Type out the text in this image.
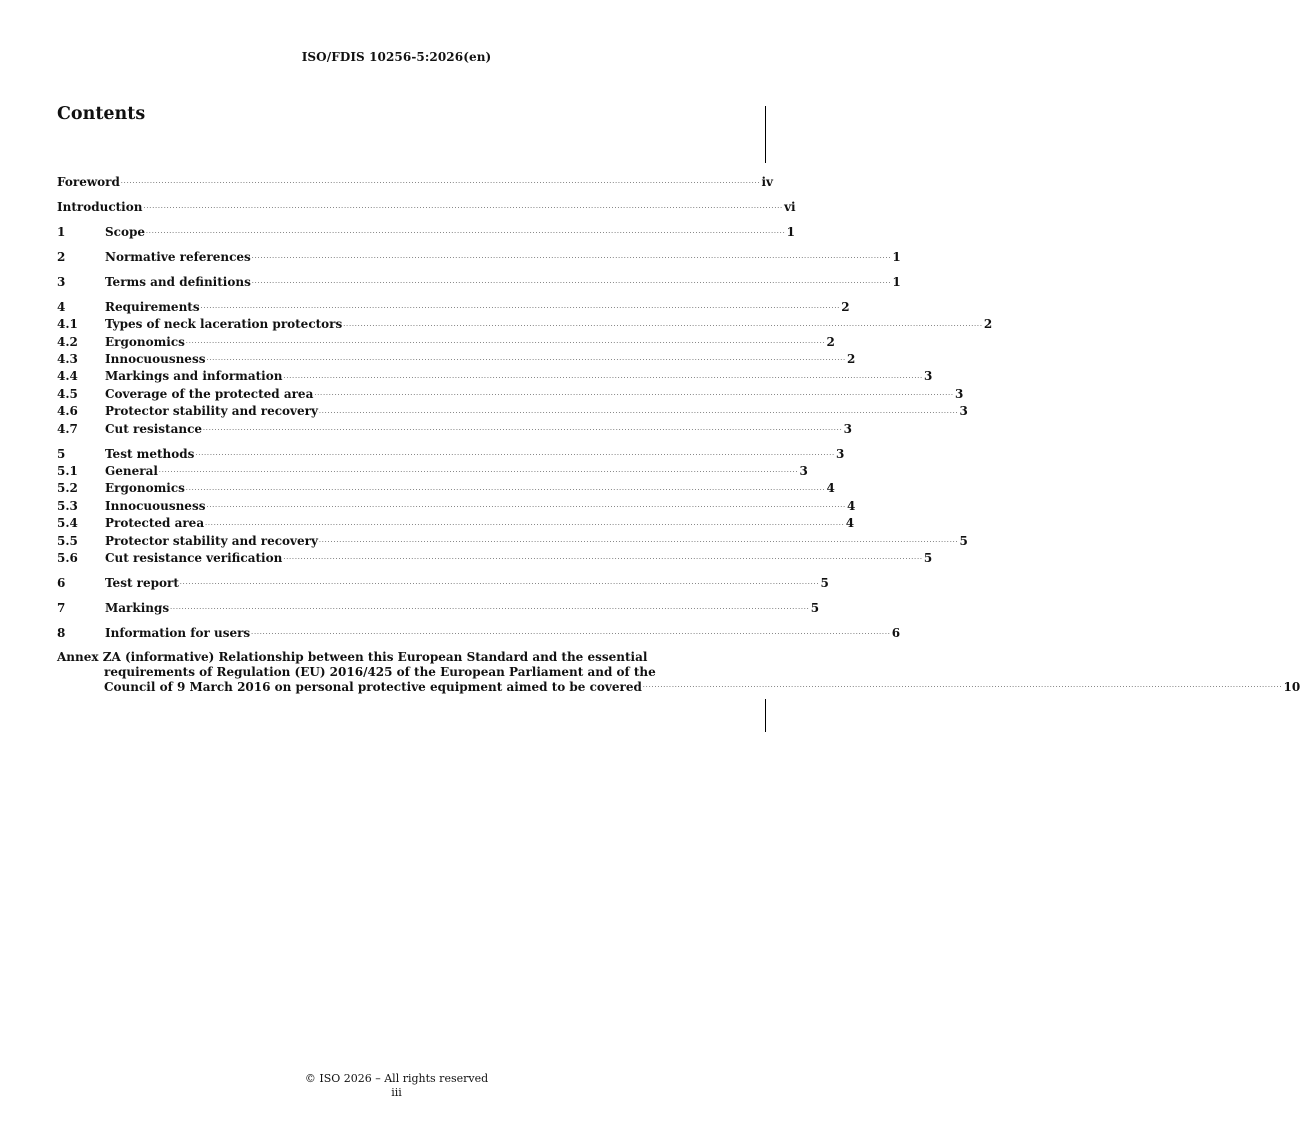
ISO/FDIS 10256-5:2026(en)
Contents
Foreword ............................................................................................................................................................................................................................ iv
Introduction ............................................................................................................................................................................................................................ vi
1	Scope ............................................................................................................................................................................................................................ 1
2	Normative references ............................................................................................................................................................................................................................ 1
3	Terms and definitions ............................................................................................................................................................................................................................ 1
4	Requirements ............................................................................................................................................................................................................................ 2
4.1	Types of neck laceration protectors ............................................................................................................................................................................................................................ 2
4.2	Ergonomics ............................................................................................................................................................................................................................ 2
4.3	Innocuousness ............................................................................................................................................................................................................................ 2
4.4	Markings and information ............................................................................................................................................................................................................................ 3
4.5	Coverage of the protected area ............................................................................................................................................................................................................................ 3
4.6	Protector stability and recovery ............................................................................................................................................................................................................................ 3
4.7	Cut resistance ............................................................................................................................................................................................................................ 3
5	Test methods ............................................................................................................................................................................................................................ 3
5.1	General ............................................................................................................................................................................................................................ 3
5.2	Ergonomics ............................................................................................................................................................................................................................ 4
5.3	Innocuousness ............................................................................................................................................................................................................................ 4
5.4	Protected area ............................................................................................................................................................................................................................ 4
5.5	Protector stability and recovery ............................................................................................................................................................................................................................ 5
5.6	Cut resistance verification ............................................................................................................................................................................................................................ 5
6	Test report ............................................................................................................................................................................................................................ 5
7	Markings ............................................................................................................................................................................................................................ 5
8	Information for users ............................................................................................................................................................................................................................ 6
Annex ZA (informative) Relationship between this European Standard and the essential
requirements of Regulation (EU) 2016/425 of the European Parliament and of the
Council of 9 March 2016 on personal protective equipment aimed to be covered ............................................................................................................................................................................................................................ 10
© ISO 2026 – All rights reserved
iii
